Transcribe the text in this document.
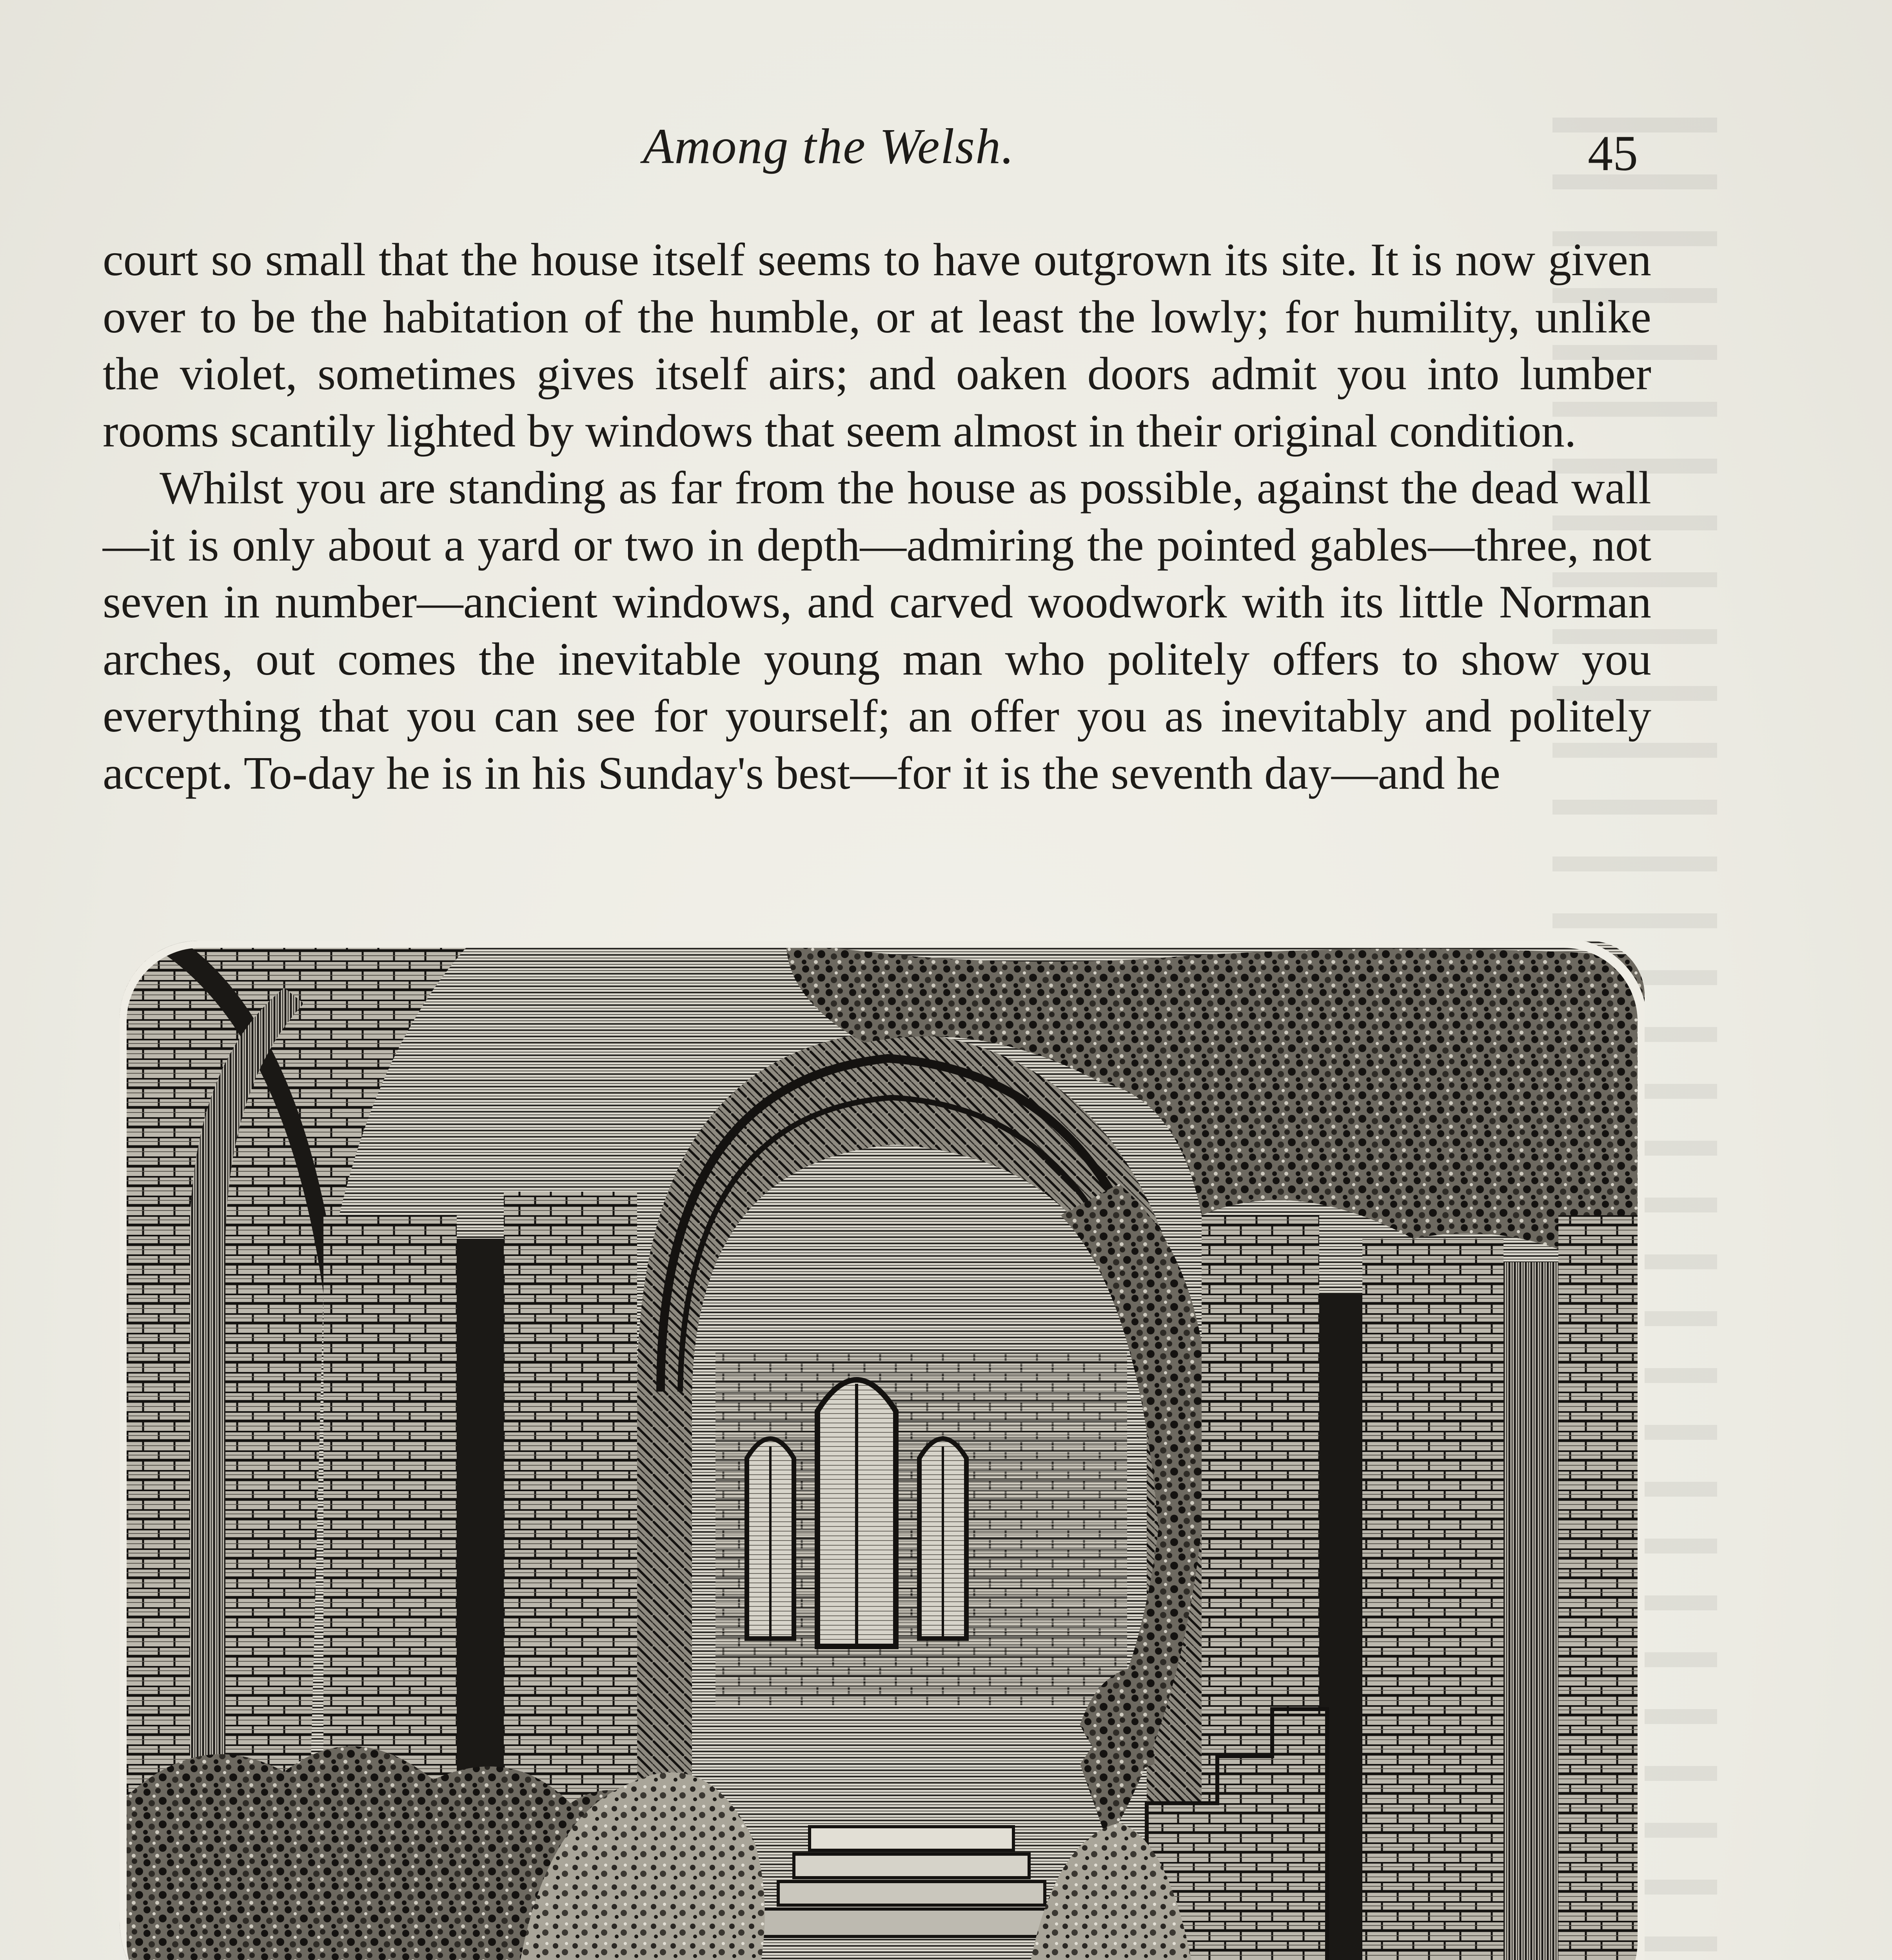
Among the Welsh.	45

court so small that the house itself seems to have outgrown its site. It is now given over to be the habitation of the humble, or at least the lowly; for humility, unlike the violet, sometimes gives itself airs; and oaken doors admit you into lumber rooms scantily lighted by windows that seem almost in their original condition.

Whilst you are standing as far from the house as possible, against the dead wall—it is only about a yard or two in depth—admiring the pointed gables—three, not seven in number—ancient windows, and carved woodwork with its little Norman arches, out comes the inevitable young man who politely offers to show you everything that you can see for yourself; an offer you as inevitably and politely accept. To-day he is in his Sunday's best—for it is the seventh day—and he
